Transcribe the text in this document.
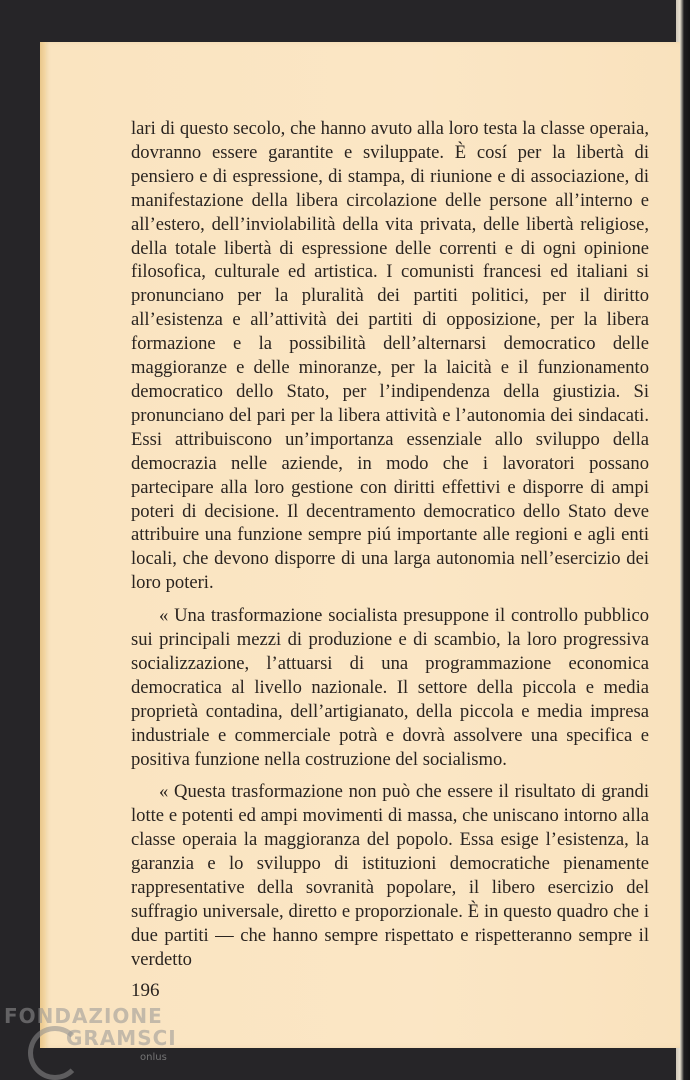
lari di questo secolo, che hanno avuto alla loro testa la classe operaia, dovranno essere garantite e sviluppate. È cosí per la libertà di pensiero e di espressione, di stampa, di riunione e di associazione, di manifestazione della libera circolazione delle persone all’interno e all’estero, dell’inviolabilità della vita privata, delle libertà religiose, della totale libertà di espressione delle correnti e di ogni opinione filosofica, culturale ed artistica. I comunisti francesi ed italiani si pronunciano per la pluralità dei partiti politici, per il diritto all’esistenza e all’attività dei partiti di opposizione, per la libera formazione e la possibilità dell’alternarsi democratico delle maggioranze e delle minoranze, per la laicità e il funzionamento democratico dello Stato, per l’indipendenza della giustizia. Si pronunciano del pari per la libera attività e l’autonomia dei sindacati. Essi attribuiscono un’importanza essenziale allo sviluppo della democrazia nelle aziende, in modo che i lavoratori possano partecipare alla loro gestione con diritti effettivi e disporre di ampi poteri di decisione. Il decentramento democratico dello Stato deve attribuire una funzione sempre piú importante alle regioni e agli enti locali, che devono disporre di una larga autonomia nell’esercizio dei loro poteri.

« Una trasformazione socialista presuppone il controllo pubblico sui principali mezzi di produzione e di scambio, la loro progressiva socializzazione, l’attuarsi di una programmazione economica democratica al livello nazionale. Il settore della piccola e media proprietà contadina, dell’artigianato, della piccola e media impresa industriale e commerciale potrà e dovrà assolvere una specifica e positiva funzione nella costruzione del socialismo.

« Questa trasformazione non può che essere il risultato di grandi lotte e potenti ed ampi movimenti di massa, che uniscano intorno alla classe operaia la maggioranza del popolo. Essa esige l’esistenza, la garanzia e lo sviluppo di istituzioni democratiche pienamente rappresentative della sovranità popolare, il libero esercizio del suffragio universale, diretto e proporzionale. È in questo quadro che i due partiti — che hanno sempre rispettato e rispetteranno sempre il verdetto

196
FONDAZIONE
GRAMSCI
onlus
